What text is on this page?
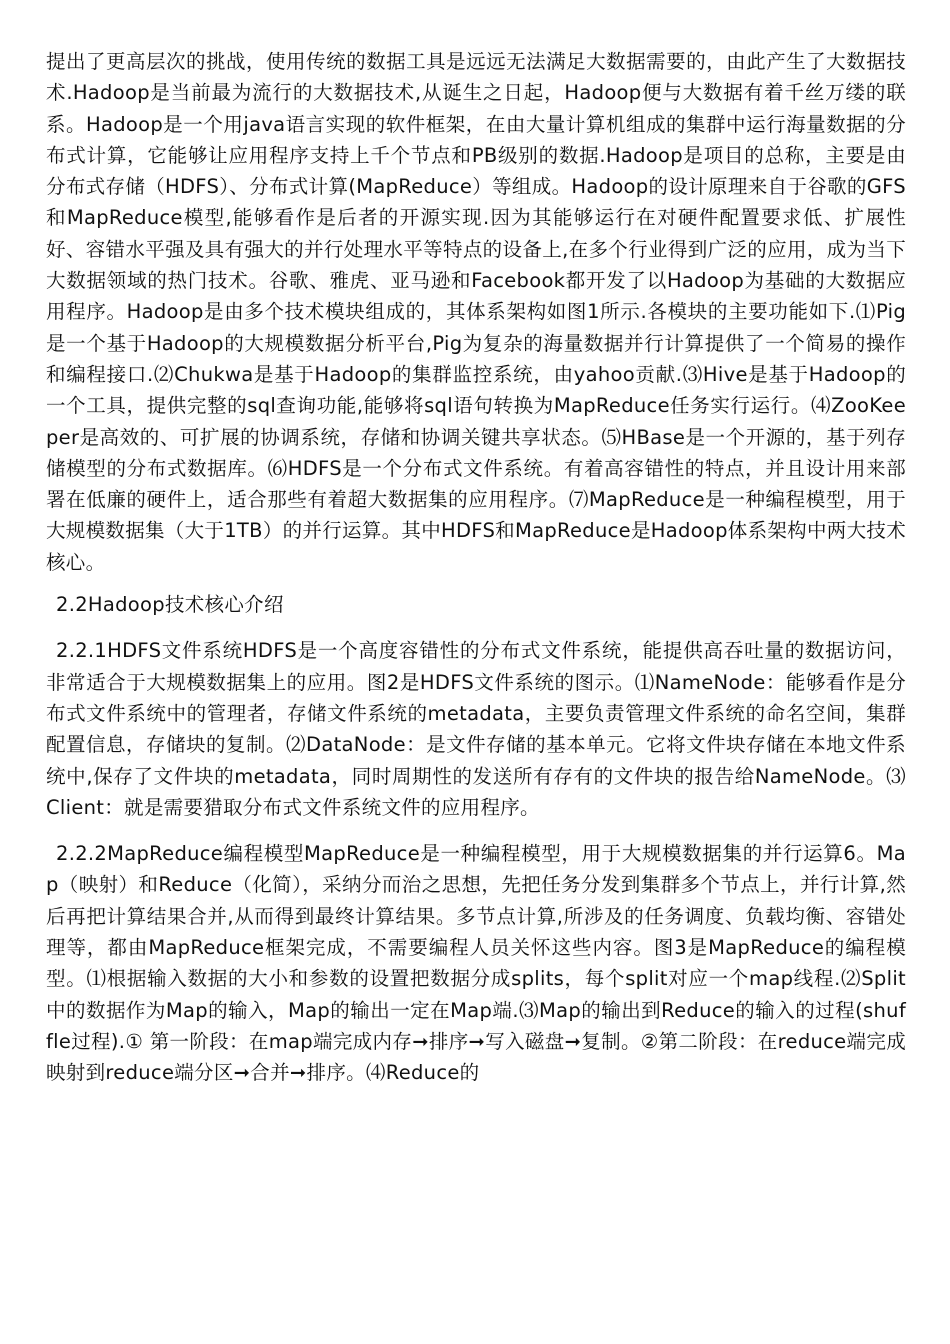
提出了更高层次的挑战，使用传统的数据工具是远远无法满足大数据需要的，由此产生了大数据技术.Hadoop是当前最为流行的大数据技术,从诞生之日起，Hadoop便与大数据有着千丝万缕的联系。Hadoop是一个用java语言实现的软件框架，在由大量计算机组成的集群中运行海量数据的分布式计算，它能够让应用程序支持上千个节点和PB级别的数据.Hadoop是项目的总称，主要是由分布式存储（HDFS）、分布式计算(MapReduce）等组成。Hadoop的设计原理来自于谷歌的GFS和MapReduce模型,能够看作是后者的开源实现.因为其能够运行在对硬件配置要求低、扩展性好、容错水平强及具有强大的并行处理水平等特点的设备上,在多个行业得到广泛的应用，成为当下大数据领域的热门技术。谷歌、雅虎、亚马逊和Facebook都开发了以Hadoop为基础的大数据应用程序。Hadoop是由多个技术模块组成的，其体系架构如图1所示.各模块的主要功能如下.⑴Pig是一个基于Hadoop的大规模数据分析平台,Pig为复杂的海量数据并行计算提供了一个简易的操作和编程接口.⑵Chukwa是基于Hadoop的集群监控系统，由yahoo贡献.⑶Hive是基于Hadoop的一个工具，提供完整的sql查询功能,能够将sql语句转换为MapReduce任务实行运行。⑷ZooKeeper是高效的、可扩展的协调系统，存储和协调关键共享状态。⑸HBase是一个开源的，基于列存储模型的分布式数据库。⑹HDFS是一个分布式文件系统。有着高容错性的特点，并且设计用来部署在低廉的硬件上，适合那些有着超大数据集的应用程序。⑺MapReduce是一种编程模型，用于大规模数据集（大于1TB）的并行运算。其中HDFS和MapReduce是Hadoop体系架构中两大技术核心。

2.2Hadoop技术核心介绍

2.2.1HDFS文件系统HDFS是一个高度容错性的分布式文件系统，能提供高吞吐量的数据访问，非常适合于大规模数据集上的应用。图2是HDFS文件系统的图示。⑴NameNode：能够看作是分布式文件系统中的管理者，存储文件系统的metadata，主要负责管理文件系统的命名空间，集群配置信息，存储块的复制。⑵DataNode：是文件存储的基本单元。它将文件块存储在本地文件系统中,保存了文件块的metadata，同时周期性的发送所有存有的文件块的报告给NameNode。⑶Client：就是需要猎取分布式文件系统文件的应用程序。

2.2.2MapReduce编程模型MapReduce是一种编程模型，用于大规模数据集的并行运算6。Map（映射）和Reduce（化简），采纳分而治之思想，先把任务分发到集群多个节点上，并行计算,然后再把计算结果合并,从而得到最终计算结果。多节点计算,所涉及的任务调度、负载均衡、容错处理等，都由MapReduce框架完成，不需要编程人员关怀这些内容。图3是MapReduce的编程模型。⑴根据输入数据的大小和参数的设置把数据分成splits，每个split对应一个map线程.⑵Split中的数据作为Map的输入，Map的输出一定在Map端.⑶Map的输出到Reduce的输入的过程(shuffle过程).① 第一阶段：在map端完成内存➞排序➞写入磁盘➞复制。②第二阶段：在reduce端完成映射到reduce端分区➞合并➞排序。⑷Reduce的
